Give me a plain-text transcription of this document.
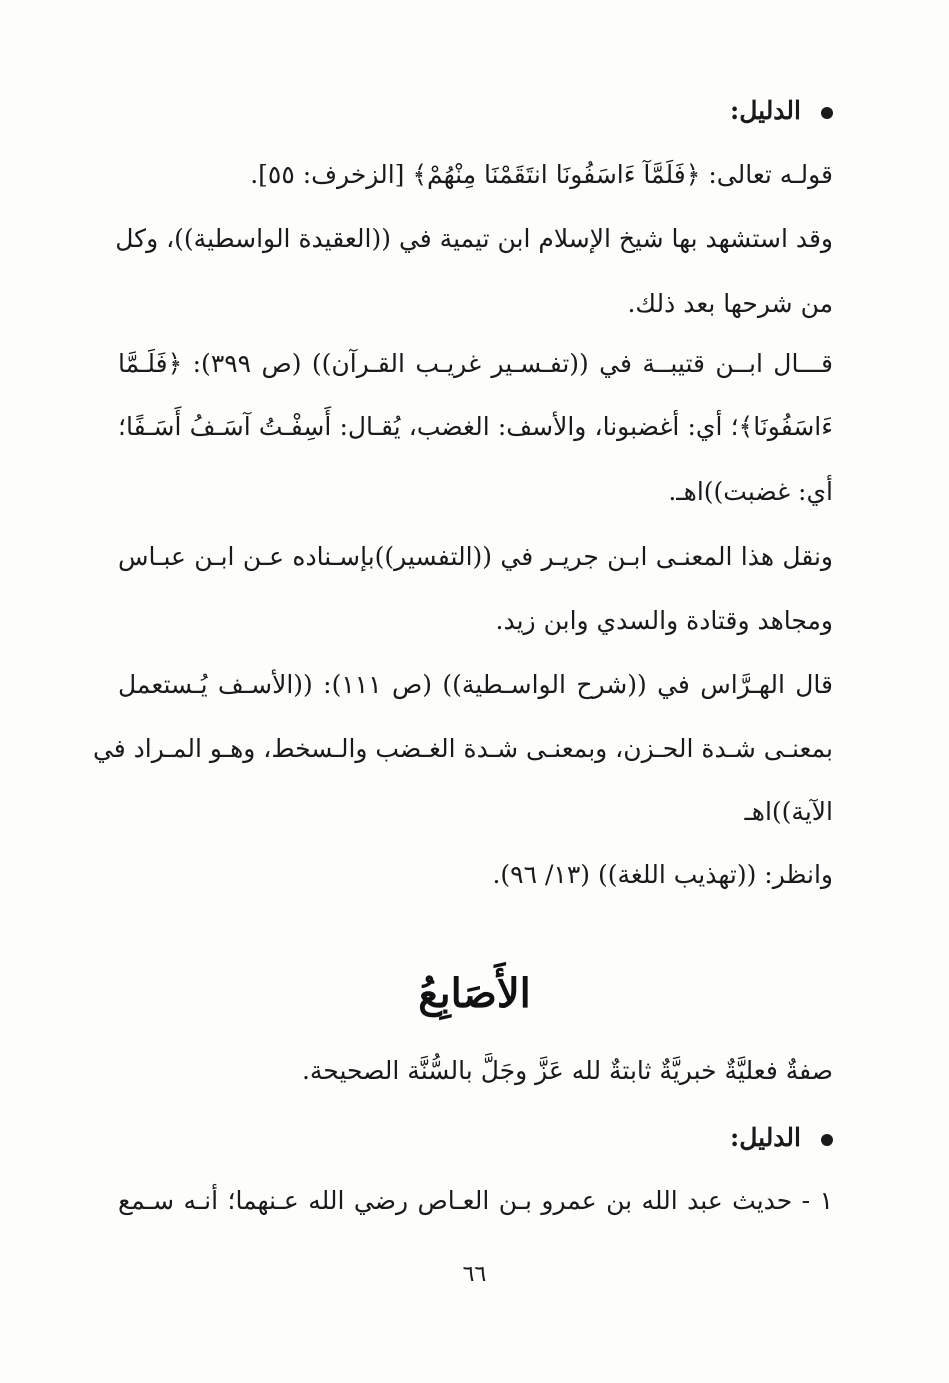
الدليل:
قولـه تعالى: ﴿فَلَمَّآ ءَاسَفُونَا انتَقَمْنَا مِنْهُمْ﴾ [الزخرف: ٥٥].
وقد استشهد بها شيخ الإسلام ابن تيمية في ((العقيدة الواسطية))، وكل
من شرحها بعد ذلك.
قـــال ابــن قتيبــة في ((تفـسـير غريـب القـرآن)) (ص ٣٩٩): ﴿فَلَـمَّا
ءَاسَفُونَا﴾؛ أي: أغضبونا، والأسف: الغضب، يُقـال: أَسِفْـتُ آسَـفُ أَسَـفًا؛
أي: غضبت))اهـ.
ونقل هذا المعنـى ابـن جريـر في ((التفسير))بإسـناده عـن ابـن عبـاس
ومجاهد وقتادة والسدي وابن زيد.
قال الهـرَّاس في ((شرح الواسـطية)) (ص ١١١): ((الأسـف يُـستعمل
بمعنـى شـدة الحـزن، وبمعنـى شـدة الغـضب والـسخط، وهـو المـراد في
الآية))اهـ
وانظر: ((تهذيب اللغة)) (١٣/ ٩٦).
الأَصَابِعُ
صفةٌ فعليَّةٌ خبريَّةٌ ثابتةٌ لله عَزَّ وجَلَّ بالسُّنَّة الصحيحة.
الدليل:
١ - حديث عبد الله بن عمرو بـن العـاص رضي الله عـنهما؛ أنـه سـمع
٦٦
